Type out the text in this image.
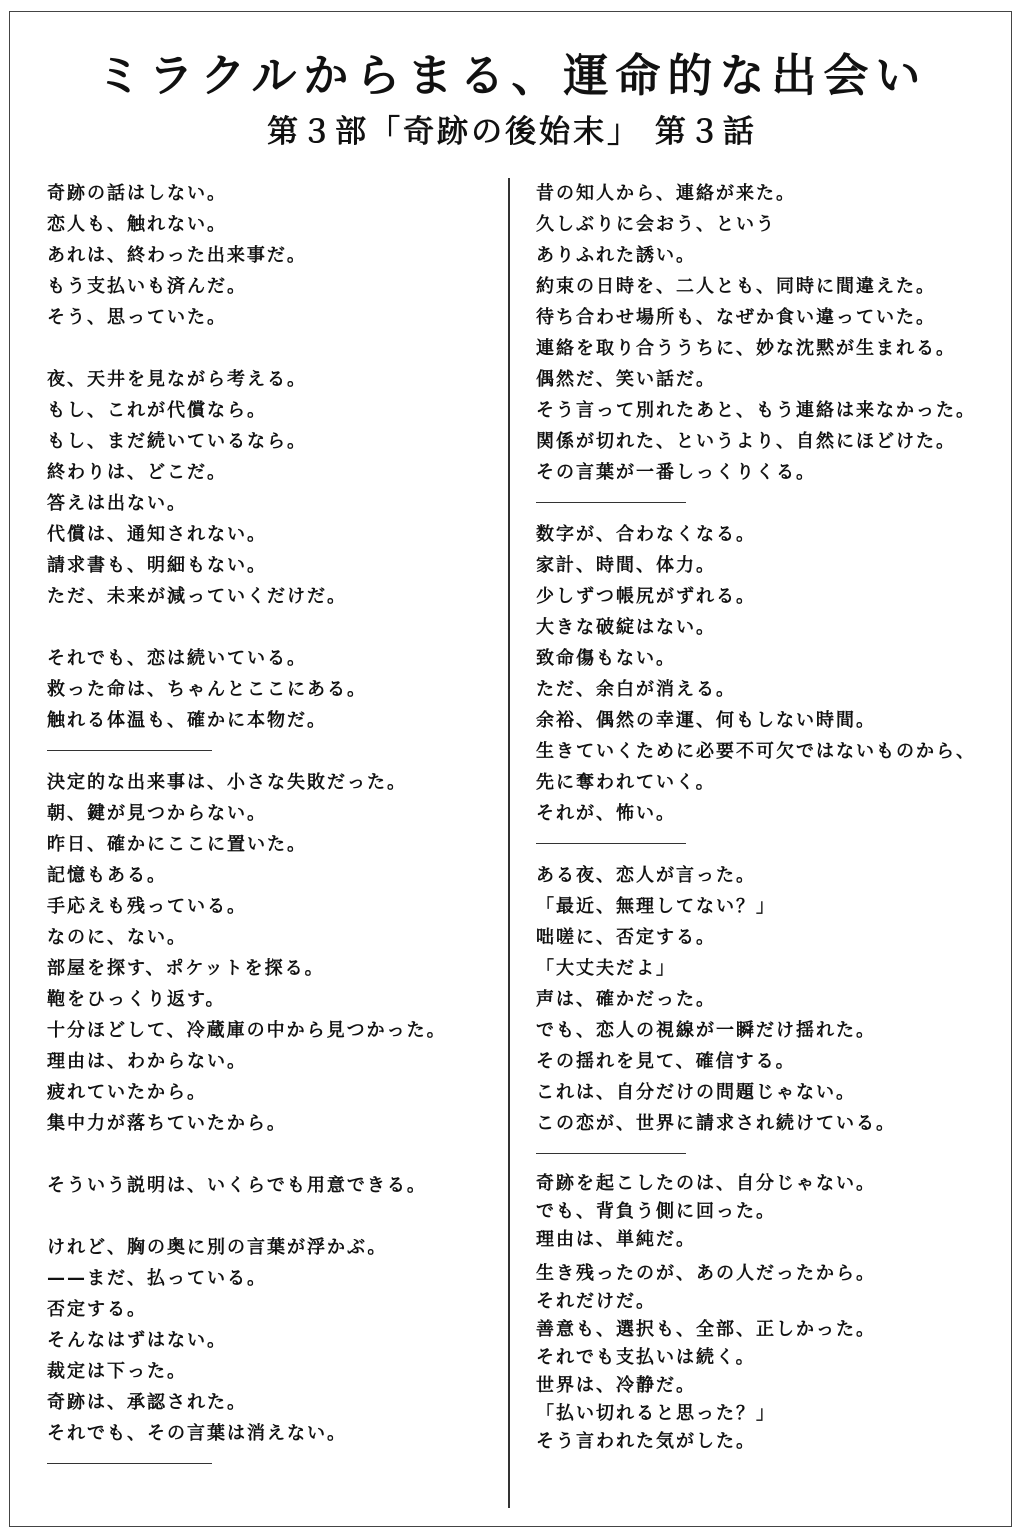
ミラクルからまる、運命的な出会い
第３部「奇跡の後始末」 第３話
奇跡の話はしない。
恋人も、触れない。
あれは、終わった出来事だ。
もう支払いも済んだ。
そう、思っていた。
夜、天井を見ながら考える。
もし、これが代償なら。
もし、まだ続いているなら。
終わりは、どこだ。
答えは出ない。
代償は、通知されない。
請求書も、明細もない。
ただ、未来が減っていくだけだ。
それでも、恋は続いている。
救った命は、ちゃんとここにある。
触れる体温も、確かに本物だ。
決定的な出来事は、小さな失敗だった。
朝、鍵が見つからない。
昨日、確かにここに置いた。
記憶もある。
手応えも残っている。
なのに、ない。
部屋を探す、ポケットを探る。
鞄をひっくり返す。
十分ほどして、冷蔵庫の中から見つかった。
理由は、わからない。
疲れていたから。
集中力が落ちていたから。
そういう説明は、いくらでも用意できる。
けれど、胸の奥に別の言葉が浮かぶ。
——まだ、払っている。
否定する。
そんなはずはない。
裁定は下った。
奇跡は、承認された。
それでも、その言葉は消えない。
昔の知人から、連絡が来た。
久しぶりに会おう、という
ありふれた誘い。
約束の日時を、二人とも、同時に間違えた。
待ち合わせ場所も、なぜか食い違っていた。
連絡を取り合ううちに、妙な沈黙が生まれる。
偶然だ、笑い話だ。
そう言って別れたあと、もう連絡は来なかった。
関係が切れた、というより、自然にほどけた。
その言葉が一番しっくりくる。
数字が、合わなくなる。
家計、時間、体力。
少しずつ帳尻がずれる。
大きな破綻はない。
致命傷もない。
ただ、余白が消える。
余裕、偶然の幸運、何もしない時間。
生きていくために必要不可欠ではないものから、
先に奪われていく。
それが、怖い。
ある夜、恋人が言った。
「最近、無理してない？」
咄嗟に、否定する。
「大丈夫だよ」
声は、確かだった。
でも、恋人の視線が一瞬だけ揺れた。
その揺れを見て、確信する。
これは、自分だけの問題じゃない。
この恋が、世界に請求され続けている。
奇跡を起こしたのは、自分じゃない。
でも、背負う側に回った。
理由は、単純だ。
生き残ったのが、あの人だったから。
それだけだ。
善意も、選択も、全部、正しかった。
それでも支払いは続く。
世界は、冷静だ。
「払い切れると思った？」
そう言われた気がした。
